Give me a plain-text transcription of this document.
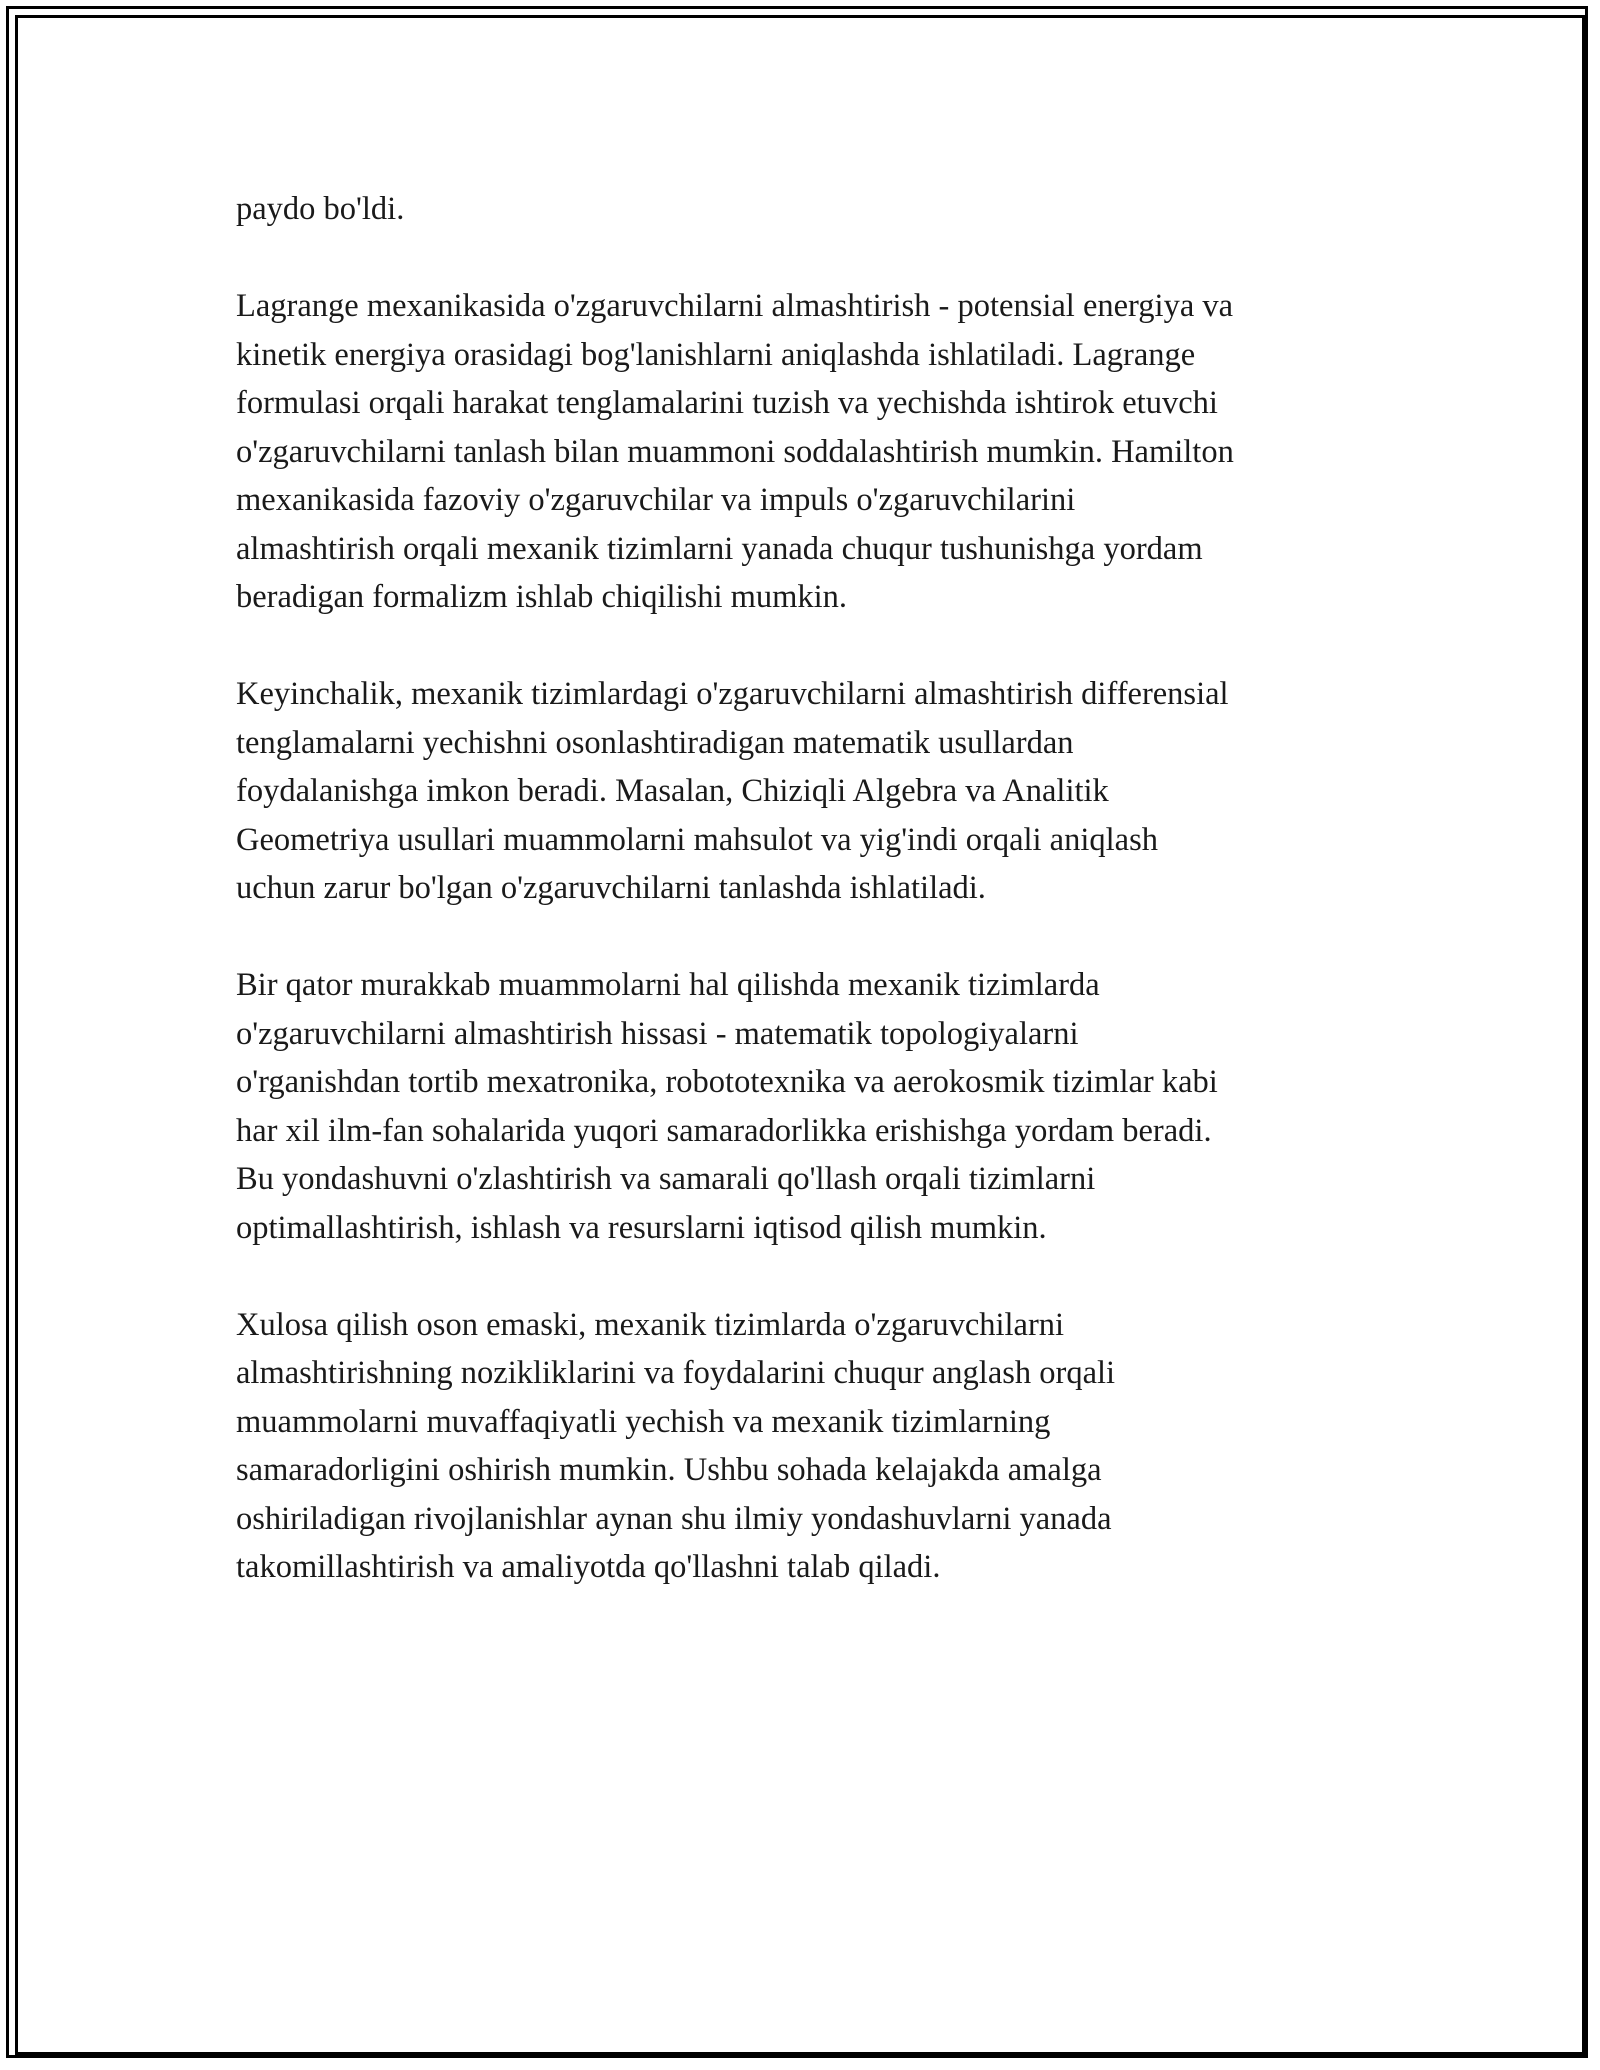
paydo bo'ldi.

Lagrange mexanikasida o'zgaruvchilarni almashtirish - potensial energiya va
kinetik energiya orasidagi bog'lanishlarni aniqlashda ishlatiladi. Lagrange
formulasi orqali harakat tenglamalarini tuzish va yechishda ishtirok etuvchi
o'zgaruvchilarni tanlash bilan muammoni soddalashtirish mumkin. Hamilton
mexanikasida fazoviy o'zgaruvchilar va impuls o'zgaruvchilarini
almashtirish orqali mexanik tizimlarni yanada chuqur tushunishga yordam
beradigan formalizm ishlab chiqilishi mumkin.

Keyinchalik, mexanik tizimlardagi o'zgaruvchilarni almashtirish differensial
tenglamalarni yechishni osonlashtiradigan matematik usullardan
foydalanishga imkon beradi. Masalan, Chiziqli Algebra va Analitik
Geometriya usullari muammolarni mahsulot va yig'indi orqali aniqlash
uchun zarur bo'lgan o'zgaruvchilarni tanlashda ishlatiladi.

Bir qator murakkab muammolarni hal qilishda mexanik tizimlarda
o'zgaruvchilarni almashtirish hissasi - matematik topologiyalarni
o'rganishdan tortib mexatronika, robototexnika va aerokosmik tizimlar kabi
har xil ilm-fan sohalarida yuqori samaradorlikka erishishga yordam beradi.
Bu yondashuvni o'zlashtirish va samarali qo'llash orqali tizimlarni
optimallashtirish, ishlash va resurslarni iqtisod qilish mumkin.

Xulosa qilish oson emaski, mexanik tizimlarda o'zgaruvchilarni
almashtirishning nozikliklarini va foydalarini chuqur anglash orqali
muammolarni muvaffaqiyatli yechish va mexanik tizimlarning
samaradorligini oshirish mumkin. Ushbu sohada kelajakda amalga
oshiriladigan rivojlanishlar aynan shu ilmiy yondashuvlarni yanada
takomillashtirish va amaliyotda qo'llashni talab qiladi.
